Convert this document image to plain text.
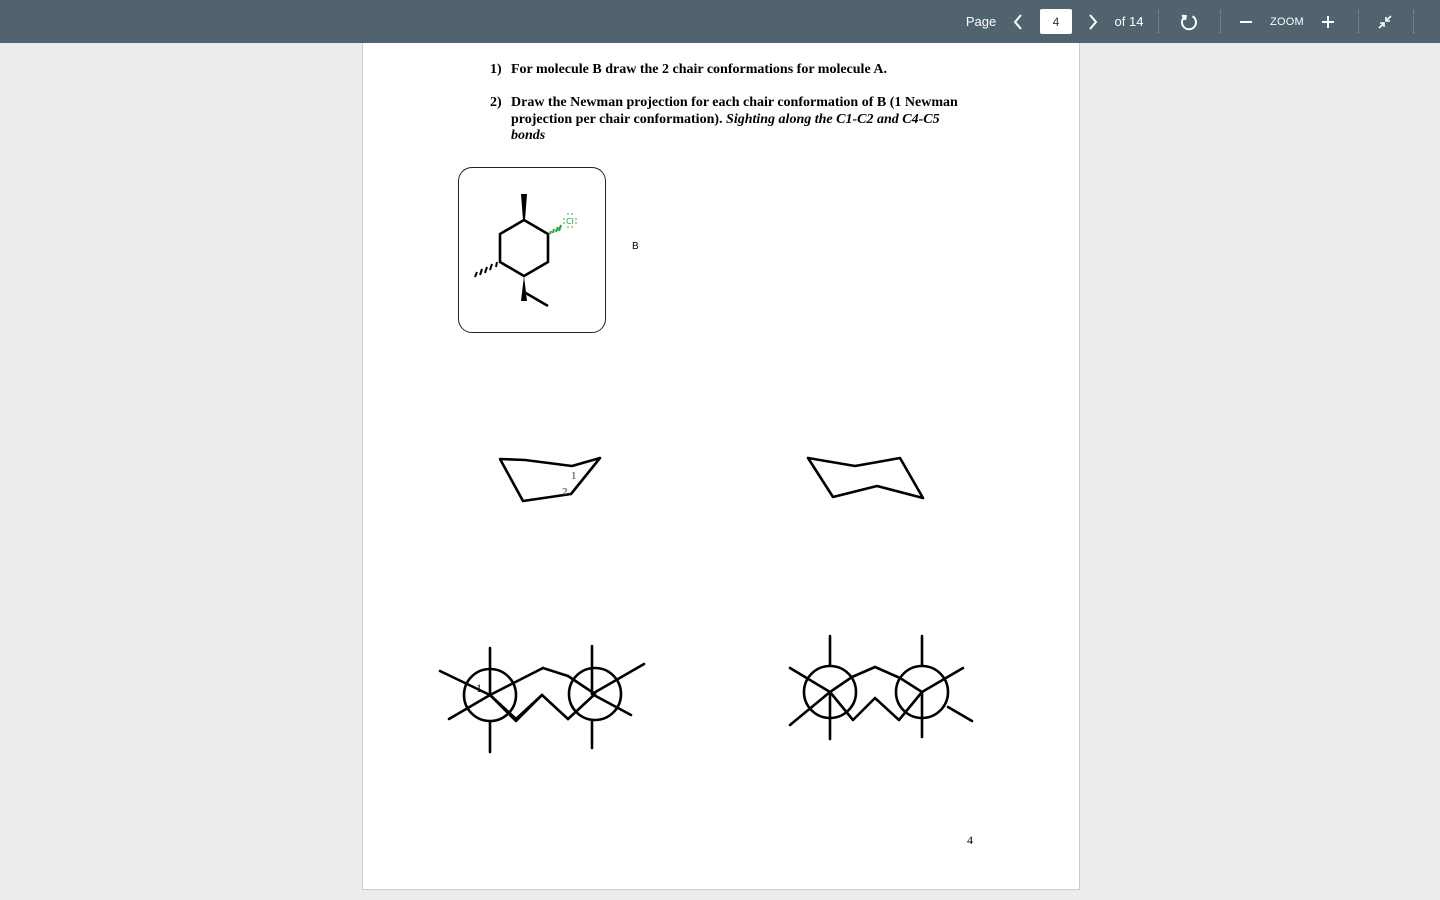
Page
4	of 14	ZOOM
1) For molecule B draw the 2 chair conformations for molecule A.
2) Draw the Newman projection for each chair conformation of B (1 Newman projection per chair conformation). Sighting along the C1-C2 and C4-C5 bonds
Cl
B
1
2
1
4
